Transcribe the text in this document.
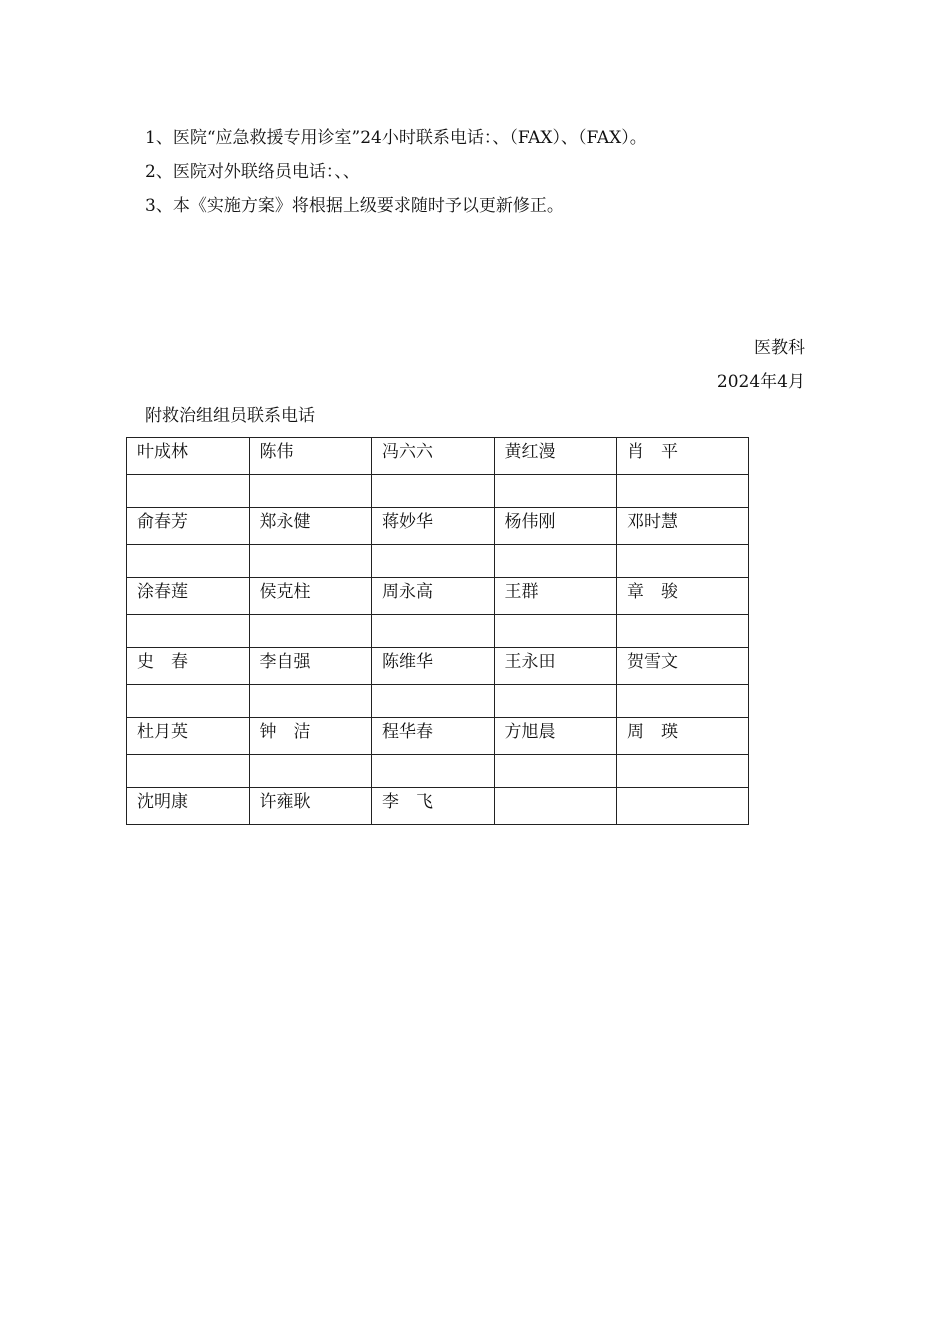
1、医院“应急救援专用诊室”24小时联系电话：、（FAX）、（FAX）。
2、医院对外联络员电话：、、
3、本《实施方案》将根据上级要求随时予以更新修正。
医教科
2024年4月
附救治组组员联系电话
叶成林	陈伟	冯六六	黄红漫	肖　平

俞春芳	郑永健	蒋妙华	杨伟刚	邓时慧

涂春莲	侯克柱	周永高	王群	章　骏

史　春	李自强	陈维华	王永田	贺雪文

杜月英	钟　洁	程华春	方旭晨	周　瑛

沈明康	许雍耿	李　飞		
